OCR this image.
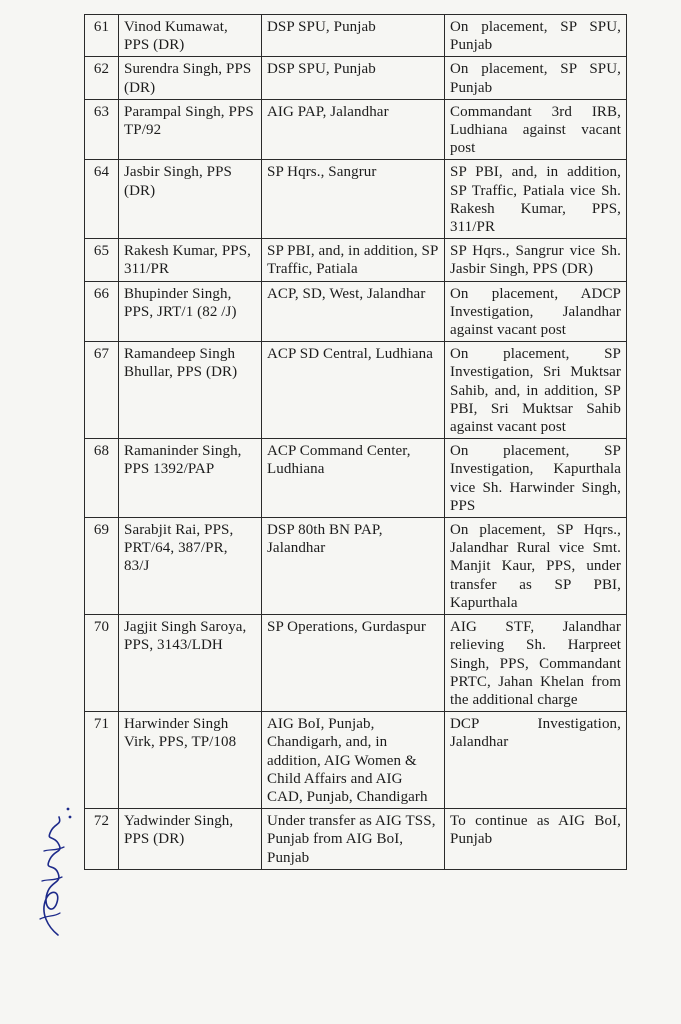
61	Vinod Kumawat, PPS (DR)	DSP SPU, Punjab	On placement, SP SPU, Punjab
62	Surendra Singh, PPS (DR)	DSP SPU, Punjab	On placement, SP SPU, Punjab
63	Parampal Singh, PPS TP/92	AIG PAP, Jalandhar	Commandant 3rd IRB, Ludhiana against vacant post
64	Jasbir Singh, PPS (DR)	SP Hqrs., Sangrur	SP PBI, and, in addition, SP Traffic, Patiala vice Sh. Rakesh Kumar, PPS, 311/PR
65	Rakesh Kumar, PPS, 311/PR	SP PBI, and, in addition, SP Traffic, Patiala	SP Hqrs., Sangrur vice Sh. Jasbir Singh, PPS (DR)
66	Bhupinder Singh, PPS, JRT/1 (82 /J)	ACP, SD, West, Jalandhar	On placement, ADCP Investigation, Jalandhar against vacant post
67	Ramandeep Singh Bhullar, PPS (DR)	ACP SD Central, Ludhiana	On placement, SP Investigation, Sri Muktsar Sahib, and, in addition, SP PBI, Sri Muktsar Sahib against vacant post
68	Ramaninder Singh, PPS 1392/PAP	ACP Command Center, Ludhiana	On placement, SP Investigation, Kapurthala vice Sh. Harwinder Singh, PPS
69	Sarabjit Rai, PPS, PRT/64, 387/PR, 83/J	DSP 80th BN PAP, Jalandhar	On placement, SP Hqrs., Jalandhar Rural vice Smt. Manjit Kaur, PPS, under transfer as SP PBI, Kapurthala
70	Jagjit Singh Saroya, PPS, 3143/LDH	SP Operations, Gurdaspur	AIG STF, Jalandhar relieving Sh. Harpreet Singh, PPS, Commandant PRTC, Jahan Khelan from the additional charge
71	Harwinder Singh Virk, PPS, TP/108	AIG BoI, Punjab, Chandigarh, and, in addition, AIG Women & Child Affairs and AIG CAD, Punjab, Chandigarh	DCP Investigation, Jalandhar
72	Yadwinder Singh, PPS (DR)	Under transfer as AIG TSS, Punjab from AIG BoI, Punjab	To continue as AIG BoI, Punjab
